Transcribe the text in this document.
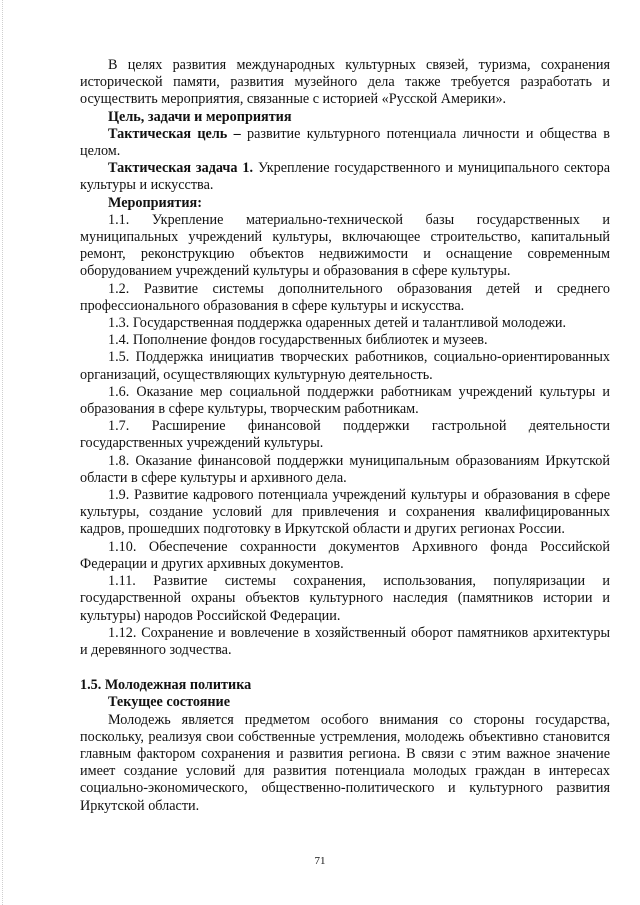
В целях развития международных культурных связей, туризма, сохранения исторической памяти, развития музейного дела также требуется разработать и осуществить мероприятия, связанные с историей «Русской Америки».

Цель, задачи и мероприятия

Тактическая цель – развитие культурного потенциала личности и общества в целом.

Тактическая задача 1. Укрепление государственного и муниципального сектора культуры и искусства.

Мероприятия:

1.1. Укрепление материально-технической базы государственных и муниципальных учреждений культуры, включающее строительство, капитальный ремонт, реконструкцию объектов недвижимости и оснащение современным оборудованием учреждений культуры и образования в сфере культуры.

1.2. Развитие системы дополнительного образования детей и среднего профессионального образования в сфере культуры и искусства.

1.3. Государственная поддержка одаренных детей и талантливой молодежи.

1.4. Пополнение фондов государственных библиотек и музеев.

1.5. Поддержка инициатив творческих работников, социально-ориентированных организаций, осуществляющих культурную деятельность.

1.6. Оказание мер социальной поддержки работникам учреждений культуры и образования в сфере культуры, творческим работникам.

1.7. Расширение финансовой поддержки гастрольной деятельности государственных учреждений культуры.

1.8. Оказание финансовой поддержки муниципальным образованиям Иркутской области в сфере культуры и архивного дела.

1.9. Развитие кадрового потенциала учреждений культуры и образования в сфере культуры, создание условий для привлечения и сохранения квалифицированных кадров, прошедших подготовку в Иркутской области и других регионах России.

1.10. Обеспечение сохранности документов Архивного фонда Российской Федерации и других архивных документов.

1.11. Развитие системы сохранения, использования, популяризации и государственной охраны объектов культурного наследия (памятников истории и культуры) народов Российской Федерации.

1.12. Сохранение и вовлечение в хозяйственный оборот памятников архитектуры и деревянного зодчества.

1.5. Молодежная политика

Текущее состояние

Молодежь является предметом особого внимания со стороны государства, поскольку, реализуя свои собственные устремления, молодежь объективно становится главным фактором сохранения и развития региона. В связи с этим важное значение имеет создание условий для развития потенциала молодых граждан в интересах социально-экономического, общественно-политического и культурного развития Иркутской области.

71
